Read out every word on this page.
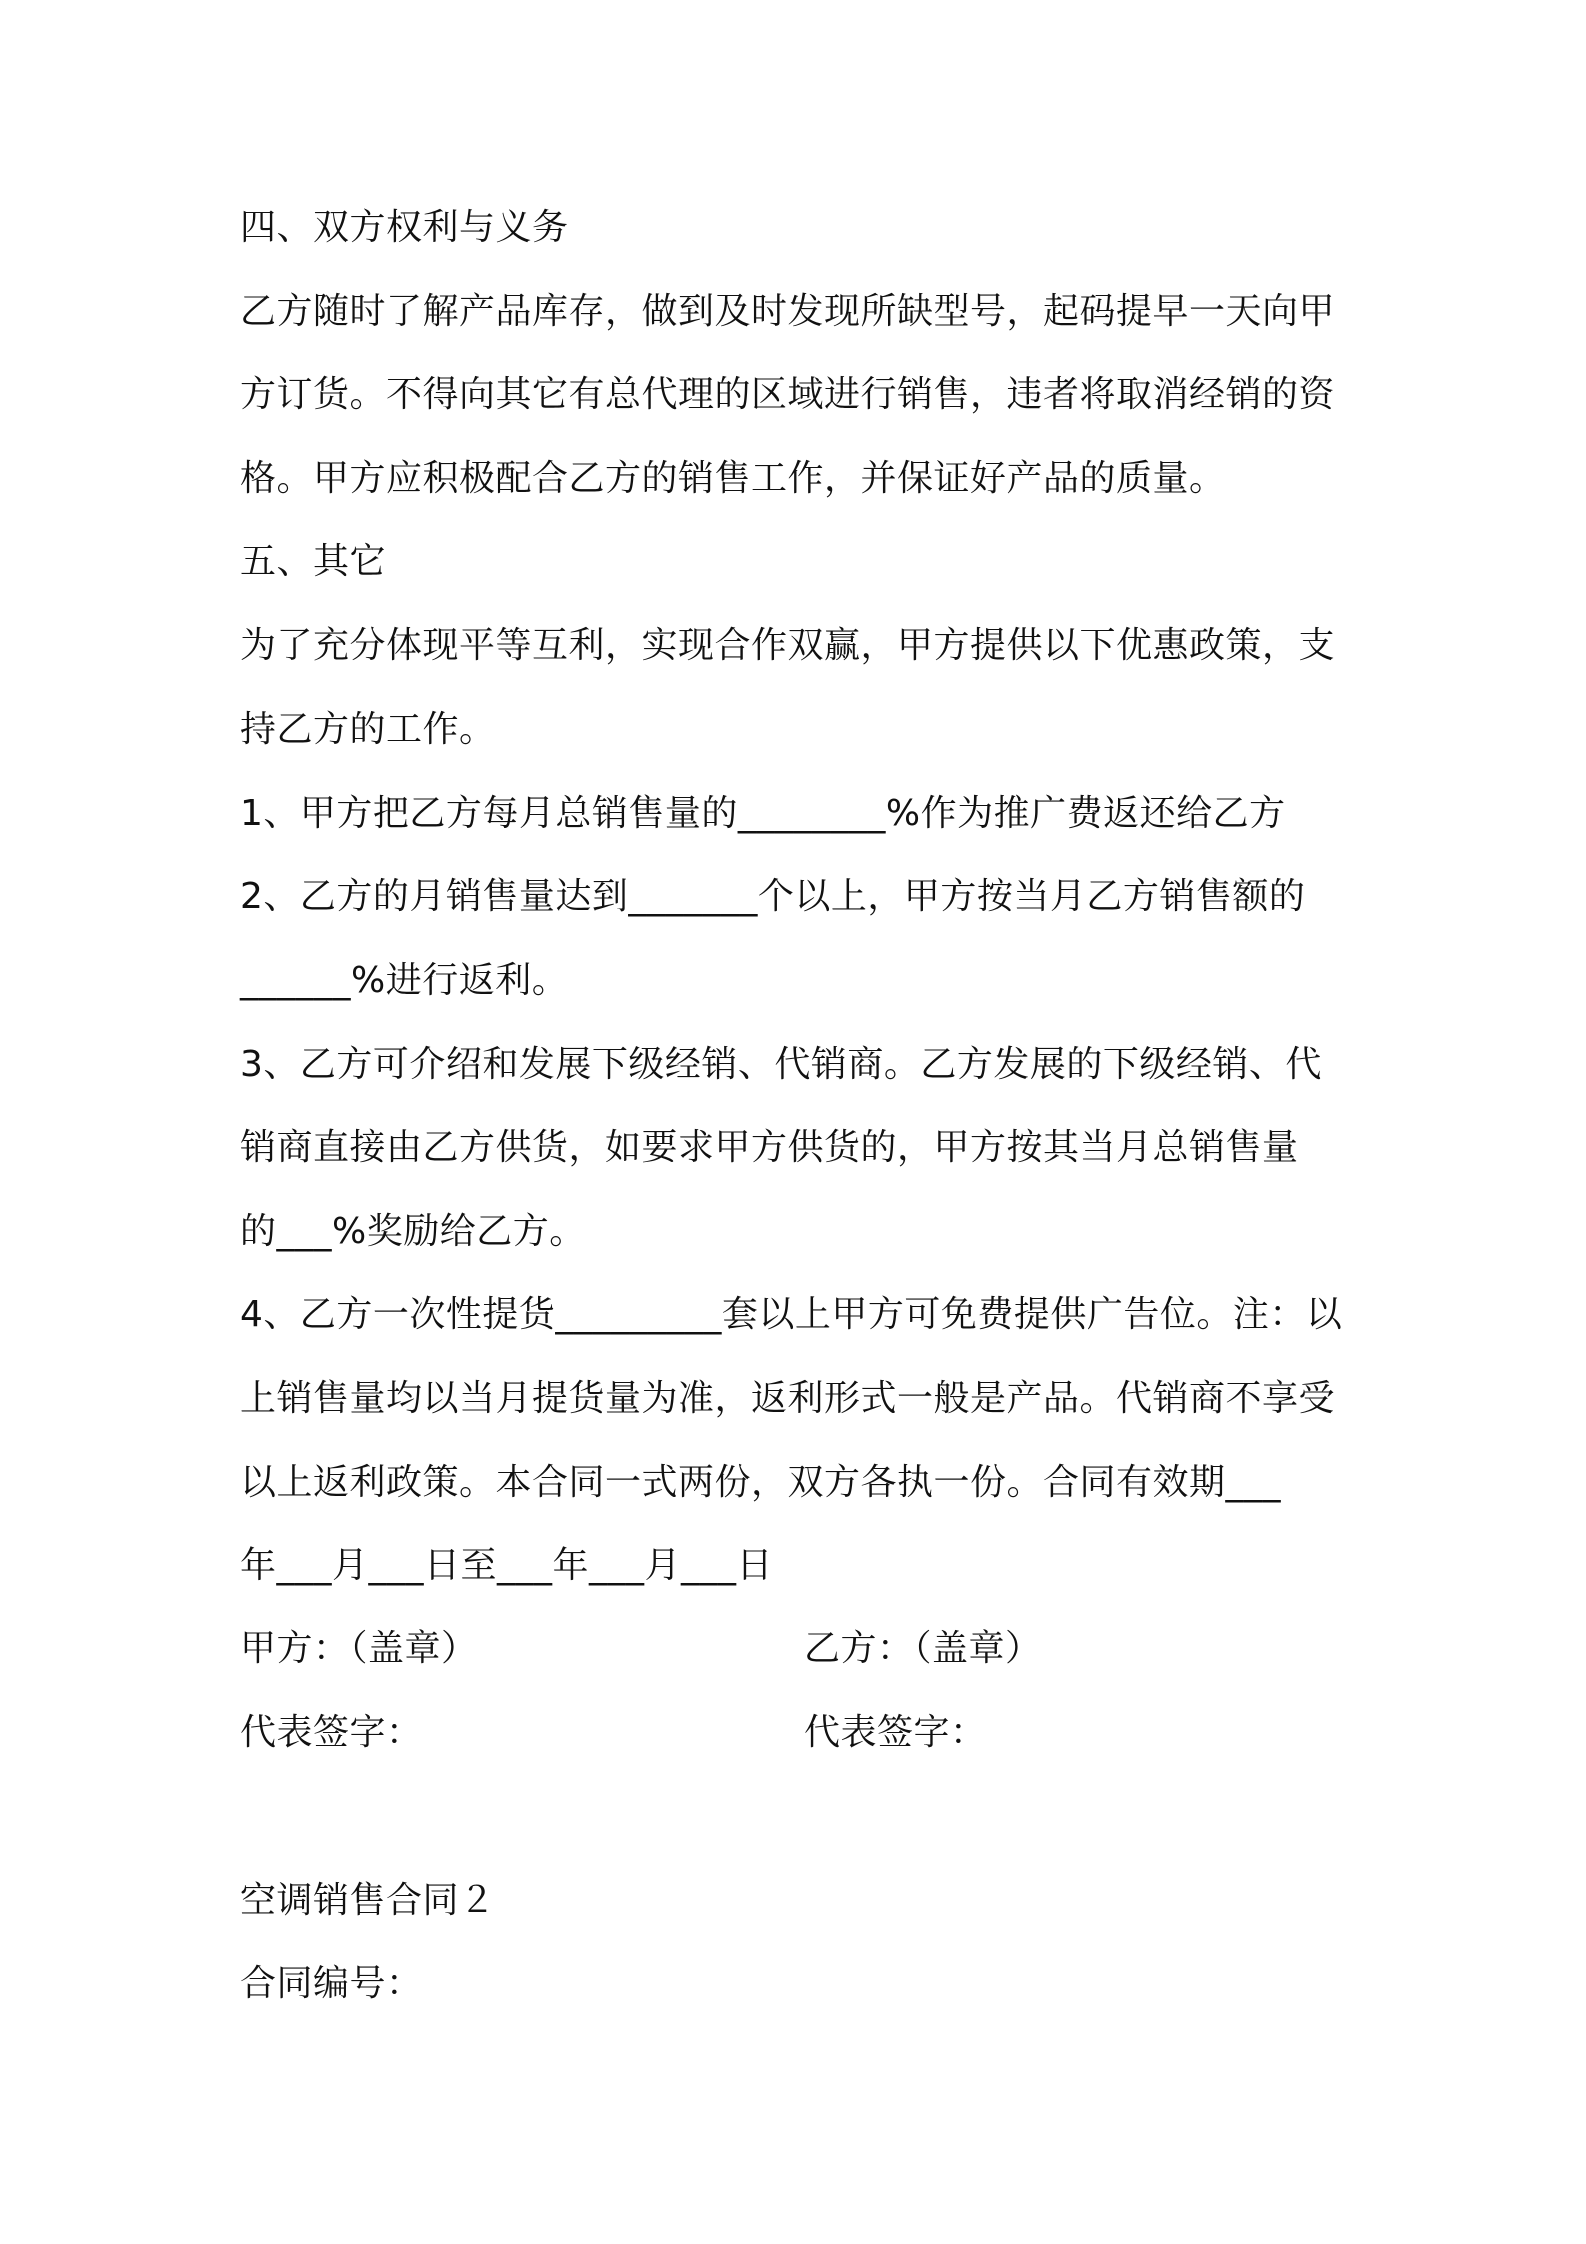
四、双方权利与义务
乙方随时了解产品库存，做到及时发现所缺型号，起码提早一天向甲
方订货。不得向其它有总代理的区域进行销售，违者将取消经销的资
格。甲方应积极配合乙方的销售工作，并保证好产品的质量。
五、其它
为了充分体现平等互利，实现合作双赢，甲方提供以下优惠政策，支
持乙方的工作。
1、甲方把乙方每月总销售量的________%作为推广费返还给乙方
2、乙方的月销售量达到_______个以上，甲方按当月乙方销售额的
______%进行返利。
3、乙方可介绍和发展下级经销、代销商。乙方发展的下级经销、代
销商直接由乙方供货，如要求甲方供货的，甲方按其当月总销售量
的___%奖励给乙方。
4、乙方一次性提货_________套以上甲方可免费提供广告位。注：以
上销售量均以当月提货量为准，返利形式一般是产品。代销商不享受
以上返利政策。本合同一式两份，双方各执一份。合同有效期___
年___月___日至___年___月___日
甲方：（盖章）	乙方：（盖章）
代表签字：	代表签字：
空调销售合同２
合同编号：
